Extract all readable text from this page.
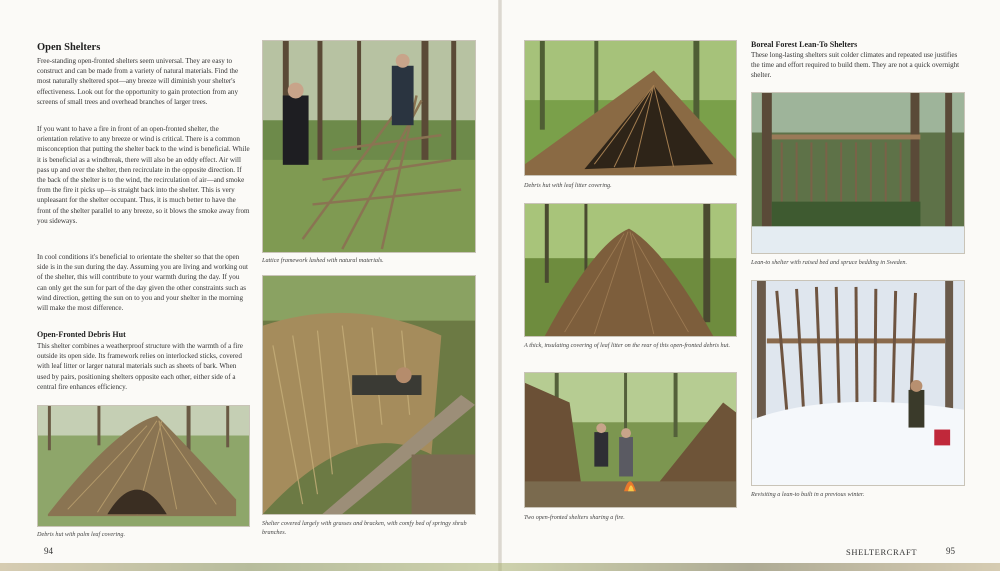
Open Shelters

Free-standing open-fronted shelters seem universal. They are easy to construct and can be made from a variety of natural materials. Find the most naturally sheltered spot—any breeze will diminish your shelter's effectiveness. Look out for the opportunity to gain protection from any screens of small trees and overhead branches of larger trees.

If you want to have a fire in front of an open-fronted shelter, the orientation relative to any breeze or wind is critical. There is a common misconception that putting the shelter back to the wind is beneficial. While it is beneficial as a windbreak, there will also be an eddy effect. Air will pass up and over the shelter, then recirculate in the opposite direction. If the back of the shelter is to the wind, the recirculation of air—and smoke from the fire it picks up—is straight back into the shelter. This is very unpleasant for the shelter occupant. Thus, it is much better to have the front of the shelter parallel to any breeze, so it blows the smoke away from you sideways.

In cool conditions it's beneficial to orientate the shelter so that the open side is in the sun during the day. Assuming you are living and working out of the shelter, this will contribute to your warmth during the day. If you can only get the sun for part of the day given the other constraints such as wind direction, getting the sun on to you and your shelter in the morning will make the most difference.

Open-Fronted Debris Hut

This shelter combines a weatherproof structure with the warmth of a fire outside its open side. Its framework relies on interlocked sticks, covered with leaf litter or larger natural materials such as sheets of bark. When used by pairs, positioning shelters opposite each other, either side of a central fire enhances efficiency.

Lattice framework lashed with natural materials.

Shelter covered largely with grasses and bracken, with comfy bed of springy shrub branches.

Debris hut with palm leaf covering.

94

Debris hut with leaf litter covering.

A thick, insulating covering of leaf litter on the rear of this open-fronted debris hut.

Two open-fronted shelters sharing a fire.

Boreal Forest Lean-To Shelters

These long-lasting shelters suit colder climates and repeated use justifies the time and effort required to build them. They are not a quick overnight shelter.

Lean-to shelter with raised bed and spruce bedding in Sweden.

Revisiting a lean-to built in a previous winter.

SHELTERCRAFT	95
